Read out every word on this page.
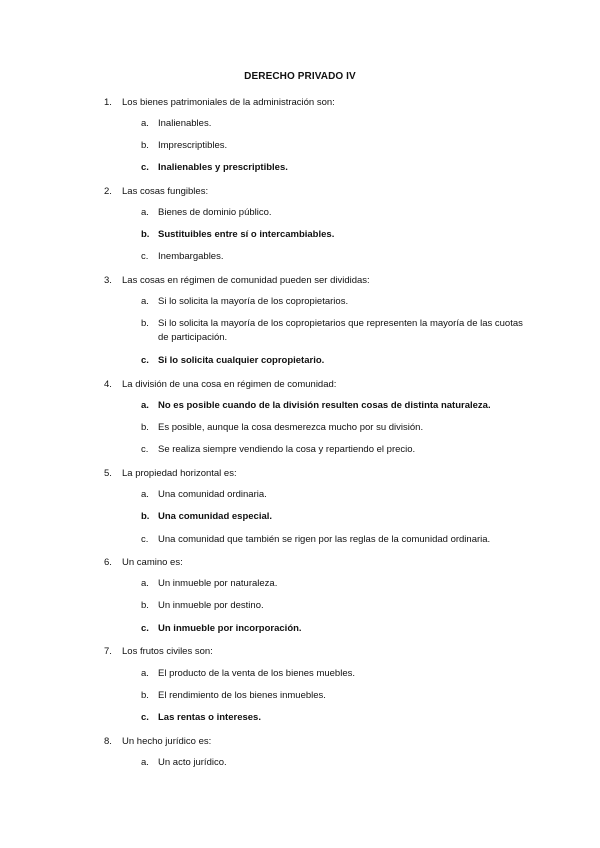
DERECHO PRIVADO IV
1.	Los bienes patrimoniales de la administración son:
a. Inalienables.
b. Imprescriptibles.
c. Inalienables y prescriptibles.
2.	Las cosas fungibles:
a. Bienes de dominio público.
b. Sustituibles entre sí o intercambiables.
c.	Inembargables.
3.	Las cosas en régimen de comunidad pueden ser divididas:
a. Si lo solicita la mayoría de los copropietarios.
b. Si lo solicita la mayoría de los copropietarios que representen la mayoría de las cuotas de participación.
c. Si lo solicita cualquier copropietario.
4.	La división de una cosa en régimen de comunidad:
a. No es posible cuando de la división resulten cosas de distinta naturaleza.
b. Es posible, aunque la cosa desmerezca mucho por su división.
c.	Se realiza siempre vendiendo la cosa y repartiendo el precio.
5.	La propiedad horizontal es:
a. Una comunidad ordinaria.
b. Una comunidad especial.
c.	Una comunidad que también se rigen por las reglas de la comunidad ordinaria.
6.	Un camino es:
a. Un inmueble por naturaleza.
b. Un inmueble por destino.
c. Un inmueble por incorporación.
7.	Los frutos civiles son:
a. El producto de la venta de los bienes muebles.
b. El rendimiento de los bienes inmuebles.
c. Las rentas o intereses.
8.	Un hecho jurídico es:
a. Un acto jurídico.
